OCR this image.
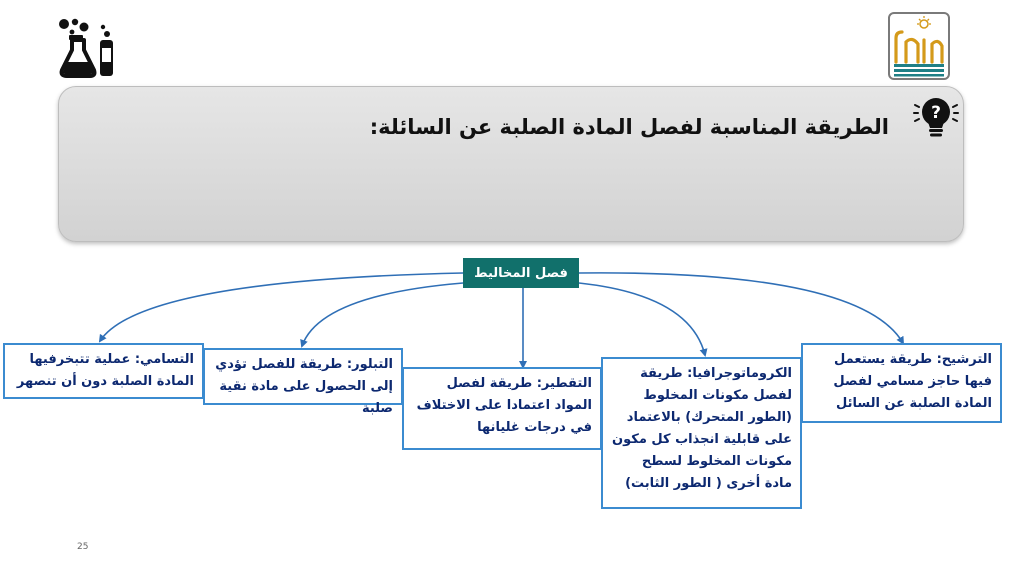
الطريقة المناسبة لفصل المادة الصلبة عن السائلة:
?
فصل المخاليط
الترشيح: طريقة يستعمل فيها حاجز مسامي لفصل المادة الصلبة عن السائل
الكروماتوجرافيا: طريقة لفصل مكونات المخلوط (الطور المتحرك) بالاعتماد على قابلية انجذاب كل مكون مكونات المخلوط لسطح مادة أخرى ( الطور الثابت)
التقطير: طريقة لفصل المواد اعتمادا على الاختلاف في درجات غليانها
التبلور: طريقة للفصل تؤدي إلى الحصول على مادة نقية صلبة
التسامي: عملية تتبخرفيها المادة الصلبة دون أن تنصهر
25
